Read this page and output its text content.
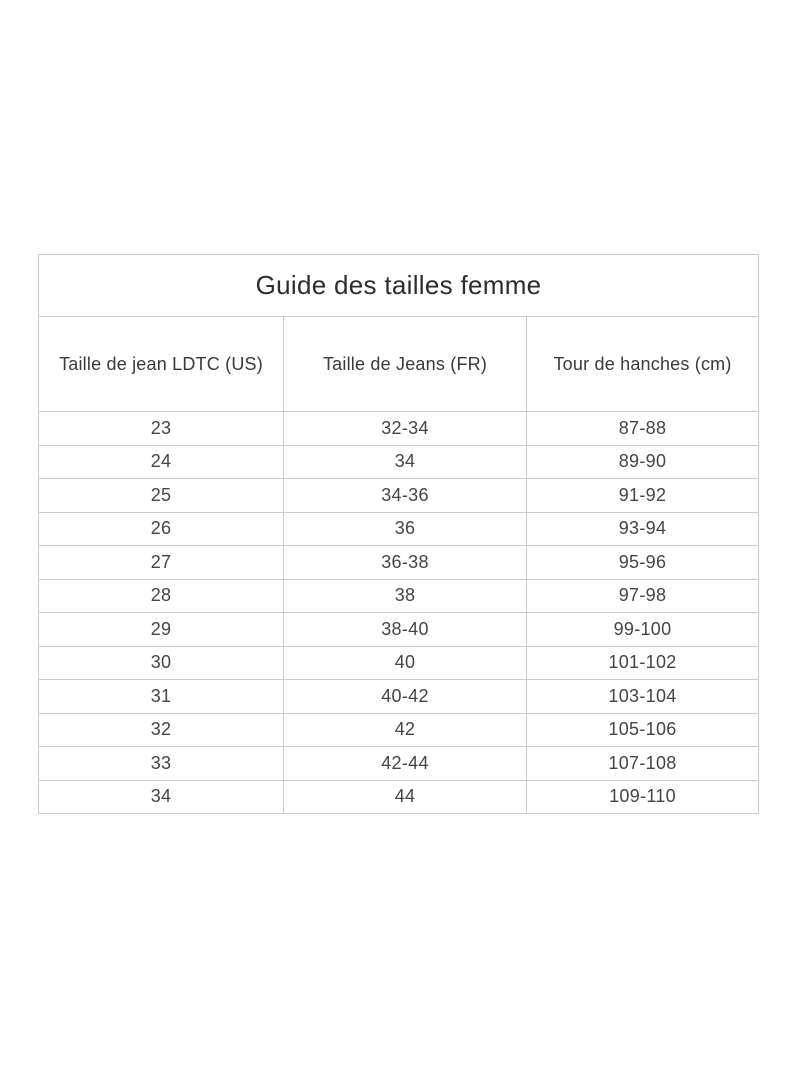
Guide des tailles femme		
Taille de jean LDTC (US)	Taille de Jeans (FR)	Tour de hanches (cm)
23	32-34	87-88
24	34	89-90
25	34-36	91-92
26	36	93-94
27	36-38	95-96
28	38	97-98
29	38-40	99-100
30	40	101-102
31	40-42	103-104
32	42	105-106
33	42-44	107-108
34	44	109-110
